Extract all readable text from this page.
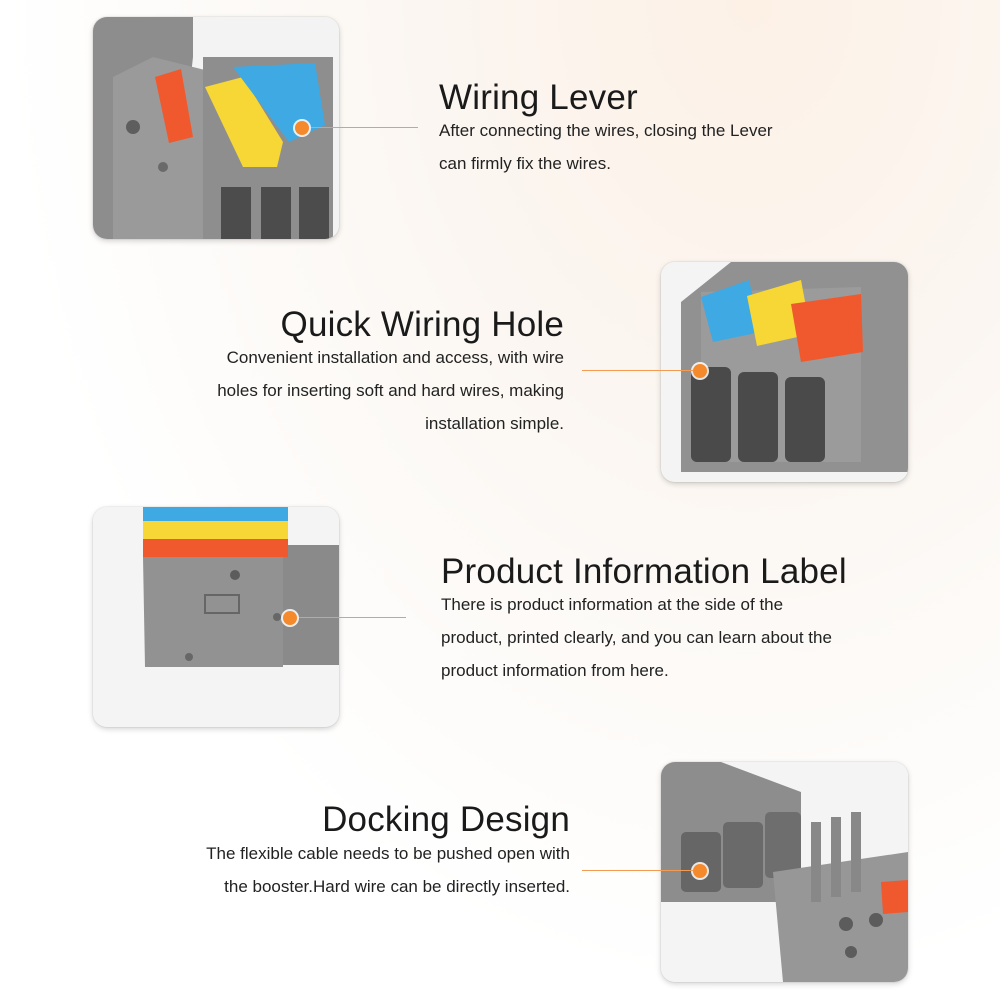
Wiring Lever

After connecting the wires, closing the Lever
can firmly fix the wires.

Quick Wiring Hole

Convenient installation and access, with wire
holes for inserting soft and hard wires, making
installation simple.

Product Information Label

There is product information at the side of the
product, printed clearly, and you can learn about the
product information from here.

Docking Design

The flexible cable needs to be pushed open with
the booster.Hard wire can be directly inserted.
